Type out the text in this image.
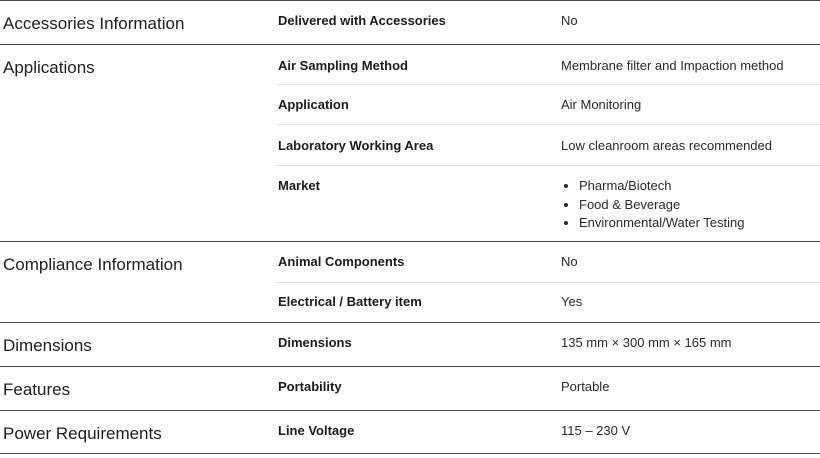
Accessories Information	Delivered with Accessories	No
Applications	Air Sampling Method	Membrane filter and Impaction method
Application	Air Monitoring
Laboratory Working Area	Low cleanroom areas recommended
Market
•	Pharma/Biotech
• Food & Beverage
• Environmental/Water Testing
Compliance Information	Animal Components	No
Electrical / Battery item	Yes
Dimensions	Dimensions	135 mm × 300 mm × 165 mm
Features	Portability	Portable
Power Requirements	Line Voltage	115 – 230 V
